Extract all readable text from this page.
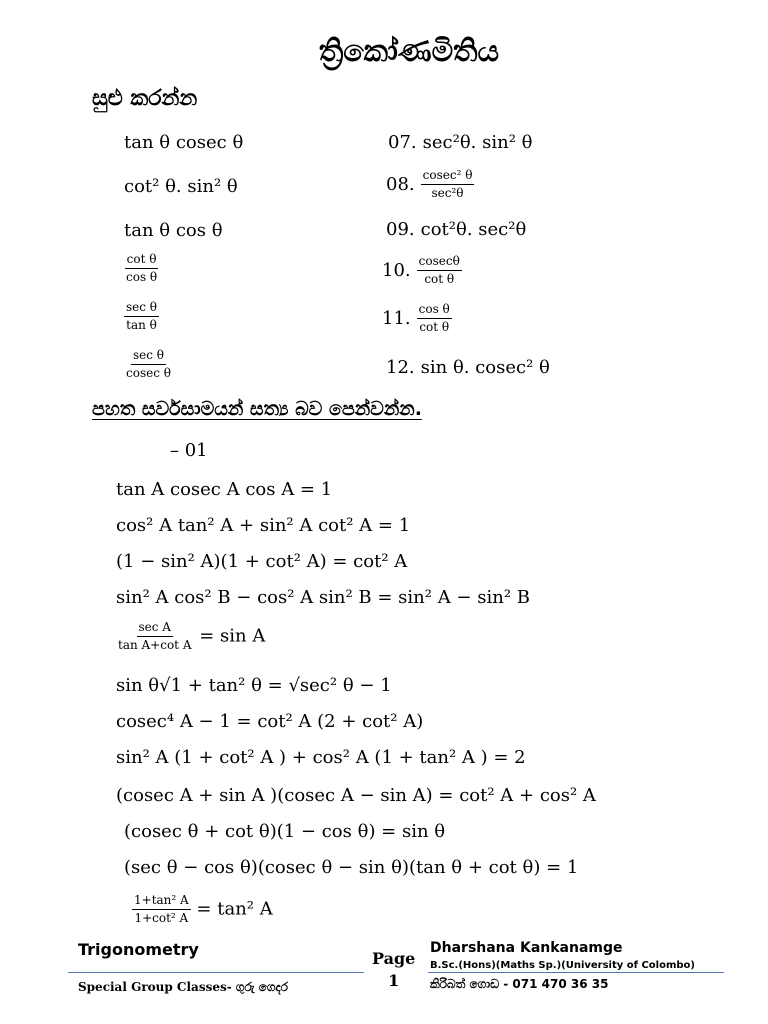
ත්‍රිකෝණමිතිය
සුළු කරන්න
tan θ cosec θ
cot² θ. sin² θ
tan θ cos θ
$\frac{\text{cot θ}}{\text{cos θ}}$
$\frac{\text{sec θ}}{\text{tan θ}}$
$\frac{\text{sec θ}}{\text{cosec θ}}$
07. sec²θ. sin² θ
08. $\frac{\text{cosec² θ}}{\text{sec²θ}}$
09. cot²θ. sec²θ
10. $\frac{cosec\theta}{\text{cot θ}}$
11. $\frac{\text{cos θ}}{\text{cot θ}}$
12. sin θ. cosec² θ
පහත සර්වසාමයන් සත්‍ය බව පෙන්වන්න.
– 01
tan A cosec A cos A = 1
cos² A tan² A + sin² A cot² A = 1
(1 − sin² A)(1 + cot² A) = cot² A
sin² A cos² B − cos² A sin² B = sin² A − sin² B
$\frac{\text{sec A}}{\text{tan A+cot A}} = \sin A$
sin θ√1 + tan² θ = √sec² θ − 1
cosec⁴ A − 1 = cot² A (2 + cot² A)
sin² A (1 + cot² A ) + cos² A (1 + tan² A ) = 2
(cosec A + sin A )(cosec A − sin A) = cot² A + cos² A
(cosec θ + cot θ)(1 − cos θ) = sin θ
(sec θ − cos θ)(cosec θ − sin θ)(tan θ + cot θ) = 1
$\frac{\text{1+tan² A}}{\text{1+cot² A}} = \tan^2$ A
Trigonometry
Special Group Classes- ගුරු ගෙදර
Page
1
Dharshana Kankanamge
B.Sc.(Hons)(Maths Sp.)(University of Colombo)
කිරිබත් ගොඩ - 071 470 36 35
